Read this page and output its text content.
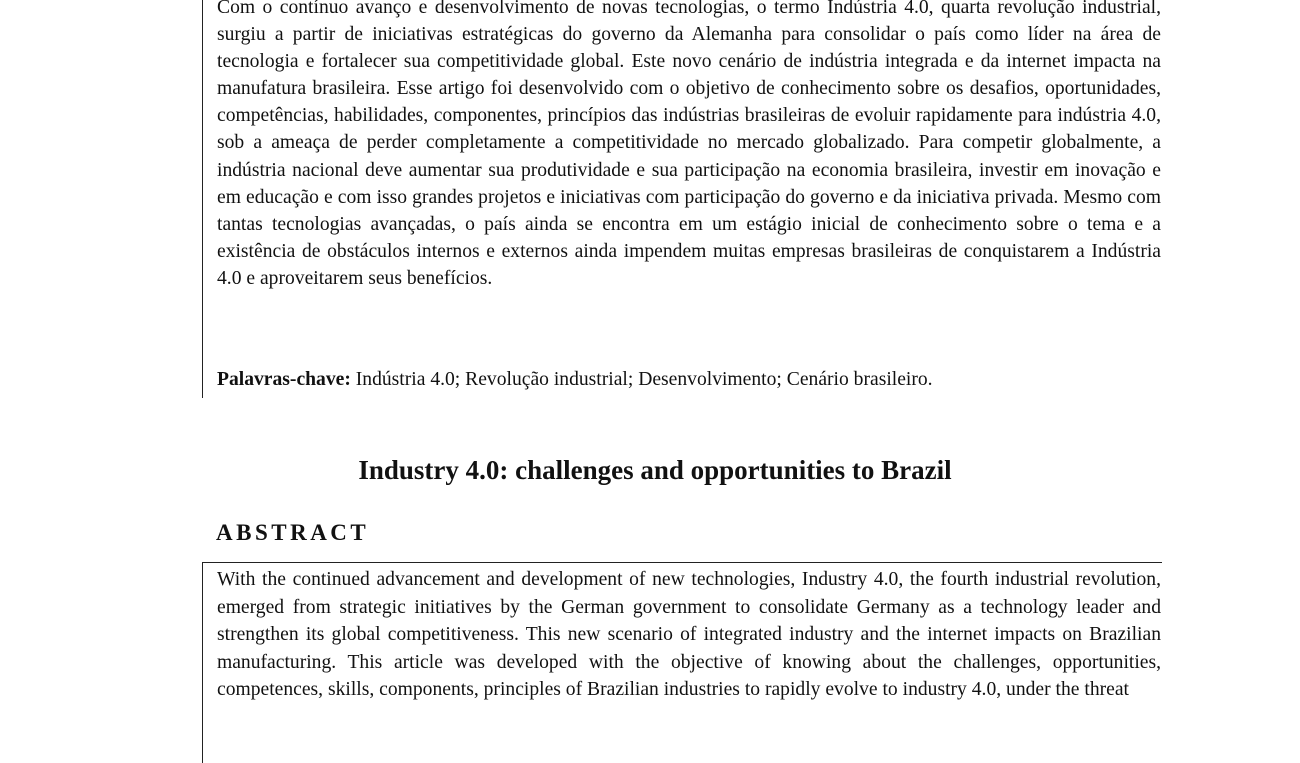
Com o contínuo avanço e desenvolvimento de novas tecnologias, o termo Indústria 4.0, quarta revolução industrial, surgiu a partir de iniciativas estratégicas do governo da Alemanha para consolidar o país como líder na área de tecnologia e fortalecer sua competitividade global. Este novo cenário de indústria integrada e da internet impacta na manufatura brasileira. Esse artigo foi desenvolvido com o objetivo de conhecimento sobre os desafios, oportunidades, competências, habilidades, componentes, princípios das indústrias brasileiras de evoluir rapidamente para indústria 4.0, sob a ameaça de perder completamente a competitividade no mercado globalizado. Para competir globalmente, a indústria nacional deve aumentar sua produtividade e sua participação na economia brasileira, investir em inovação e em educação e com isso grandes projetos e iniciativas com participação do governo e da iniciativa privada. Mesmo com tantas tecnologias avançadas, o país ainda se encontra em um estágio inicial de conhecimento sobre o tema e a existência de obstáculos internos e externos ainda impendem muitas empresas brasileiras de conquistarem a Indústria 4.0 e aproveitarem seus benefícios.

Palavras-chave: Indústria 4.0; Revolução industrial; Desenvolvimento; Cenário brasileiro.

Industry 4.0: challenges and opportunities to Brazil
ABSTRACT

With the continued advancement and development of new technologies, Industry 4.0, the fourth industrial revolution, emerged from strategic initiatives by the German government to consolidate Germany as a technology leader and strengthen its global competitiveness. This new scenario of integrated industry and the internet impacts on Brazilian manufacturing. This article was developed with the objective of knowing about the challenges, opportunities, competences, skills, components, principles of Brazilian industries to rapidly evolve to industry 4.0, under the threat
